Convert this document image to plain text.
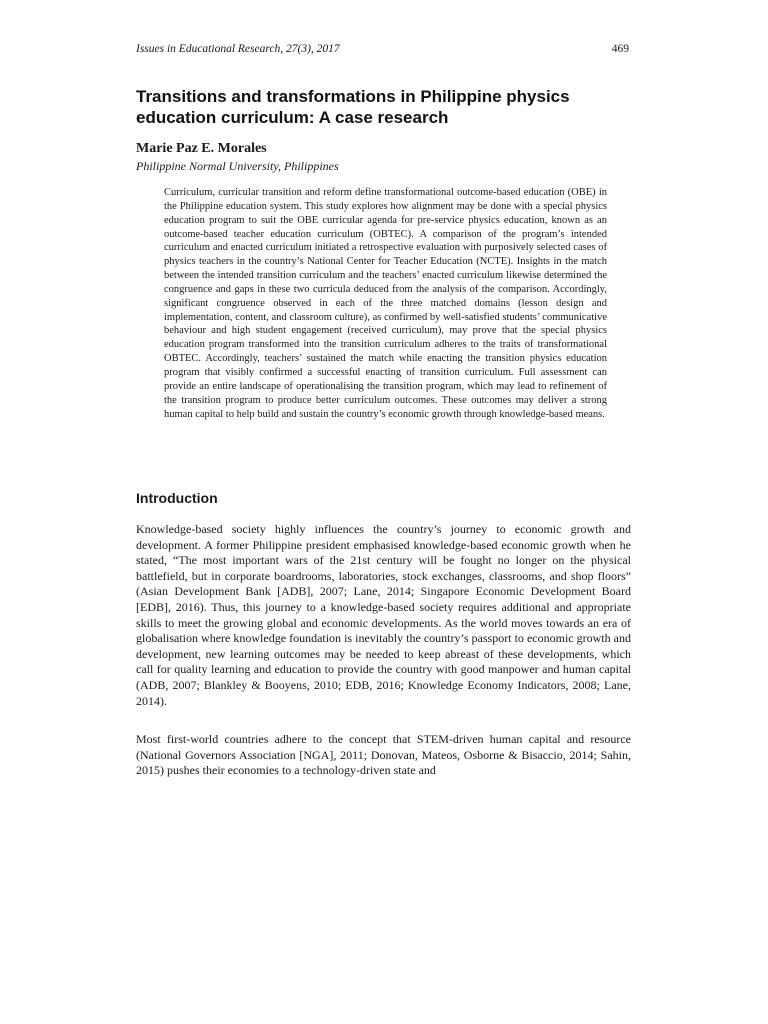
Issues in Educational Research, 27(3), 2017	469
Transitions and transformations in Philippine physics education curriculum: A case research

Marie Paz E. Morales

Philippine Normal University, Philippines

Curriculum, curricular transition and reform define transformational outcome-based education (OBE) in the Philippine education system. This study explores how alignment may be done with a special physics education program to suit the OBE curricular agenda for pre-service physics education, known as an outcome-based teacher education curriculum (OBTEC). A comparison of the program’s intended curriculum and enacted curriculum initiated a retrospective evaluation with purposively selected cases of physics teachers in the country’s National Center for Teacher Education (NCTE). Insights in the match between the intended transition curriculum and the teachers’ enacted curriculum likewise determined the congruence and gaps in these two curricula deduced from the analysis of the comparison. Accordingly, significant congruence observed in each of the three matched domains (lesson design and implementation, content, and classroom culture), as confirmed by well-satisfied students’ communicative behaviour and high student engagement (received curriculum), may prove that the special physics education program transformed into the transition curriculum adheres to the traits of transformational OBTEC. Accordingly, teachers’ sustained the match while enacting the transition physics education program that visibly confirmed a successful enacting of transition curriculum. Full assessment can provide an entire landscape of operationalising the transition program, which may lead to refinement of the transition program to produce better curriculum outcomes. These outcomes may deliver a strong human capital to help build and sustain the country’s economic growth through knowledge-based means.

Introduction

Knowledge-based society highly influences the country’s journey to economic growth and development. A former Philippine president emphasised knowledge-based economic growth when he stated, “The most important wars of the 21st century will be fought no longer on the physical battlefield, but in corporate boardrooms, laboratories, stock exchanges, classrooms, and shop floors” (Asian Development Bank [ADB], 2007; Lane, 2014; Singapore Economic Development Board [EDB], 2016). Thus, this journey to a knowledge-based society requires additional and appropriate skills to meet the growing global and economic developments. As the world moves towards an era of globalisation where knowledge foundation is inevitably the country’s passport to economic growth and development, new learning outcomes may be needed to keep abreast of these developments, which call for quality learning and education to provide the country with good manpower and human capital (ADB, 2007; Blankley & Booyens, 2010; EDB, 2016; Knowledge Economy Indicators, 2008; Lane, 2014).

Most first-world countries adhere to the concept that STEM-driven human capital and resource (National Governors Association [NGA], 2011; Donovan, Mateos, Osborne & Bisaccio, 2014; Sahin, 2015) pushes their economies to a technology-driven state and
